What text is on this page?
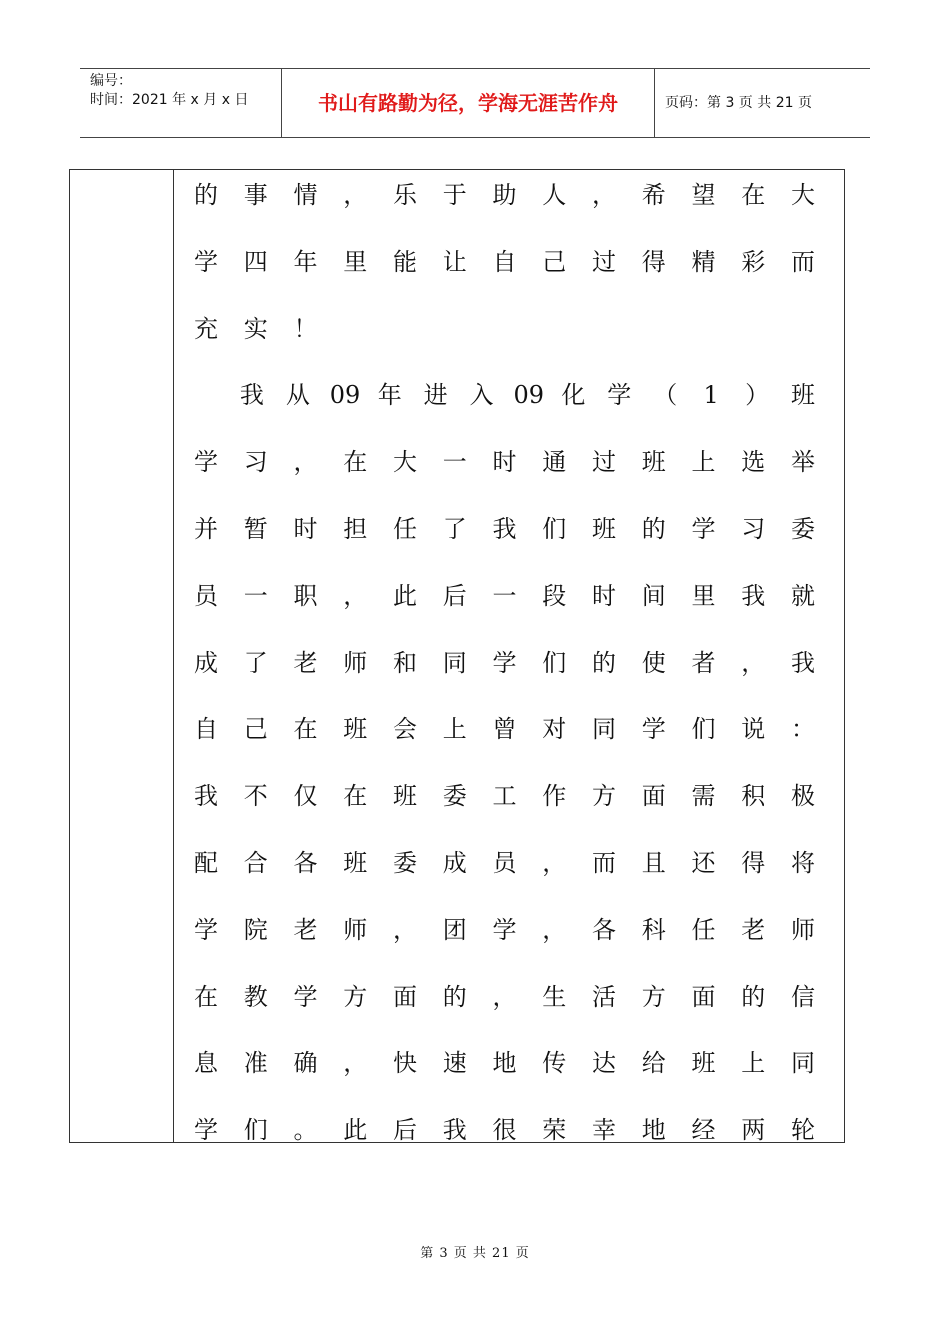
编号：
时间：2021 年 x 月 x 日	书山有路勤为径，学海无涯苦作舟	页码：第 3 页 共 21 页
的 事 情 ， 乐 于 助 人 ， 希 望 在 大
学 四 年 里 能 让 自 己 过 得 精 彩 而
充 实 ！
我 从 09 年 进 入 09 化 学 （ 1 ） 班
学 习 ， 在 大 一 时 通 过 班 上 选 举
并 暂 时 担 任 了 我 们 班 的 学 习 委
员 一 职 ， 此 后 一 段 时 间 里 我 就
成 了 老 师 和 同 学 们 的 使 者 ， 我
自 己 在 班 会 上 曾 对 同 学 们 说 ：
我 不 仅 在 班 委 工 作 方 面 需 积 极
配 合 各 班 委 成 员 ， 而 且 还 得 将
学 院 老 师 ， 团 学 ， 各 科 任 老 师
在 教 学 方 面 的 ， 生 活 方 面 的 信
息 准 确 ， 快 速 地 传 达 给 班 上 同
学 们 。 此 后 我 很 荣 幸 地 经 两 轮
第 3 页 共 21 页
